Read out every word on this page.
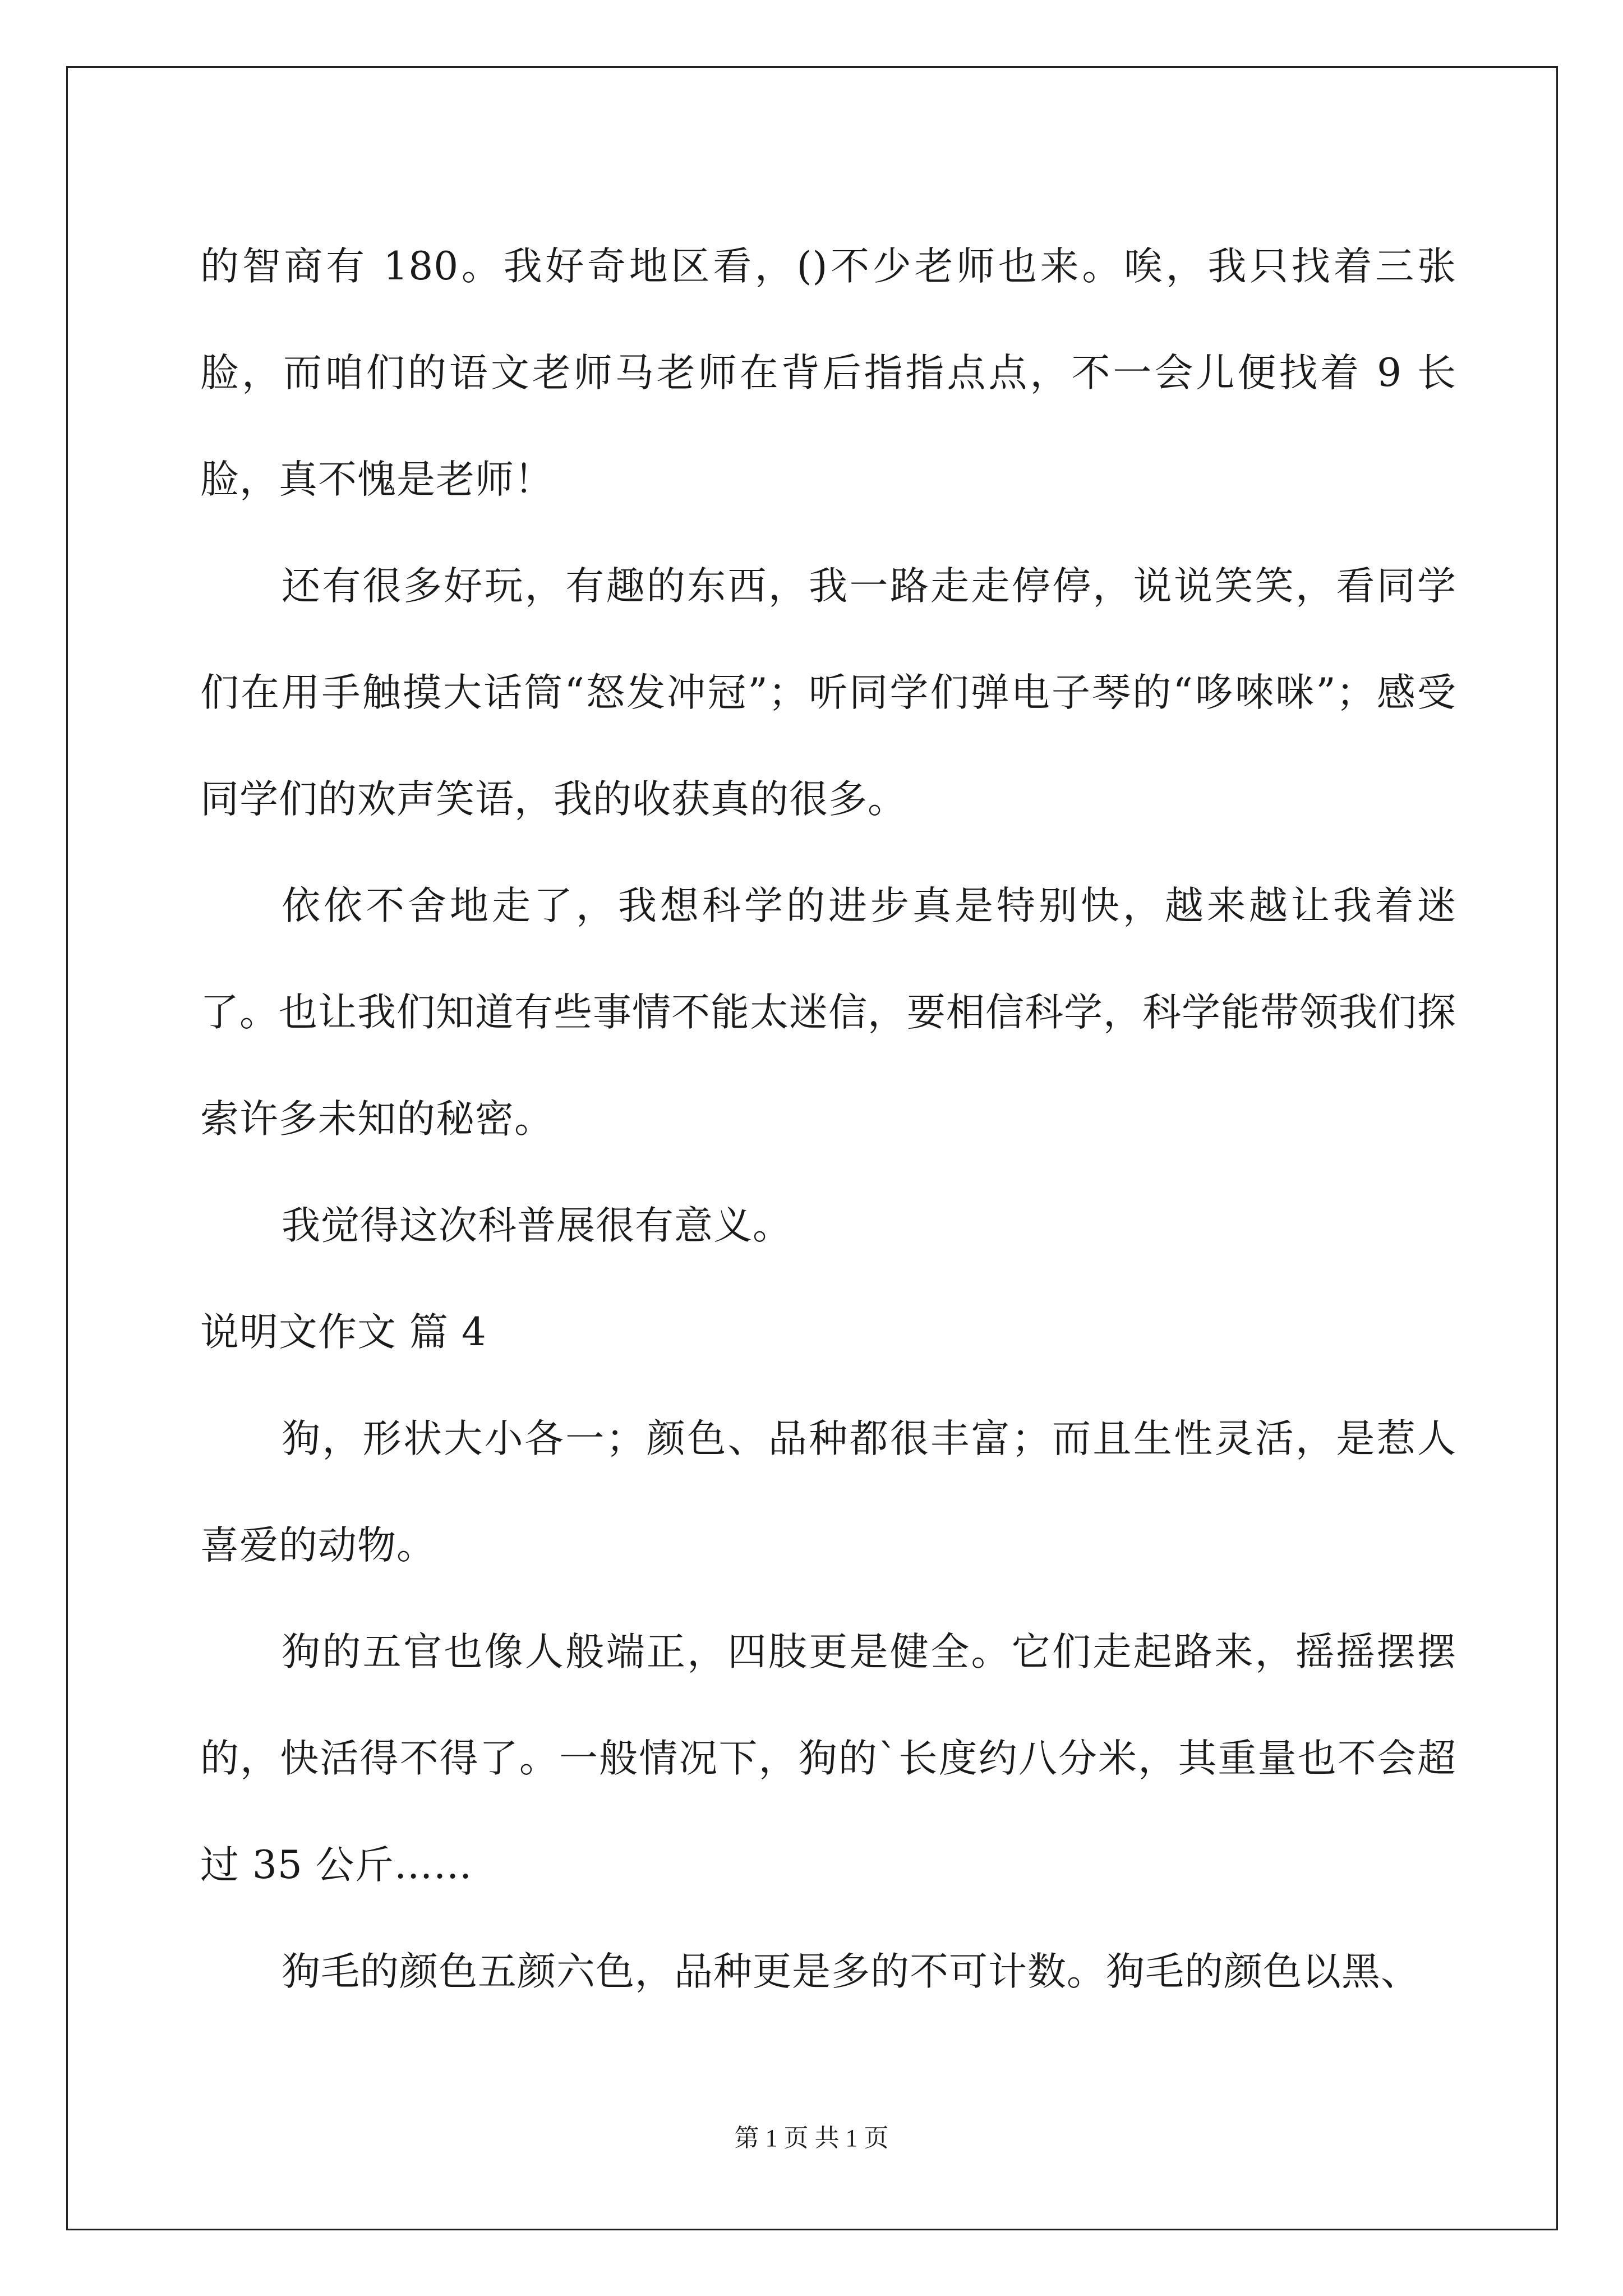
的智商有 180。我好奇地区看，()不少老师也来。唉，我只找着三张脸，而咱们的语文老师马老师在背后指指点点，不一会儿便找着 9 长脸，真不愧是老师！

还有很多好玩，有趣的东西，我一路走走停停，说说笑笑，看同学们在用手触摸大话筒“怒发冲冠”；听同学们弹电子琴的“哆唻咪”；感受同学们的欢声笑语，我的收获真的很多。

依依不舍地走了，我想科学的进步真是特别快，越来越让我着迷了。也让我们知道有些事情不能太迷信，要相信科学，科学能带领我们探索许多未知的秘密。

我觉得这次科普展很有意义。

说明文作文 篇 4

狗，形状大小各一；颜色、品种都很丰富；而且生性灵活，是惹人喜爱的动物。

狗的五官也像人般端正，四肢更是健全。它们走起路来，摇摇摆摆的，快活得不得了。一般情况下，狗的`长度约八分米，其重量也不会超过 35 公斤……

狗毛的颜色五颜六色，品种更是多的不可计数。狗毛的颜色以黑、

第 1 页 共 1 页
